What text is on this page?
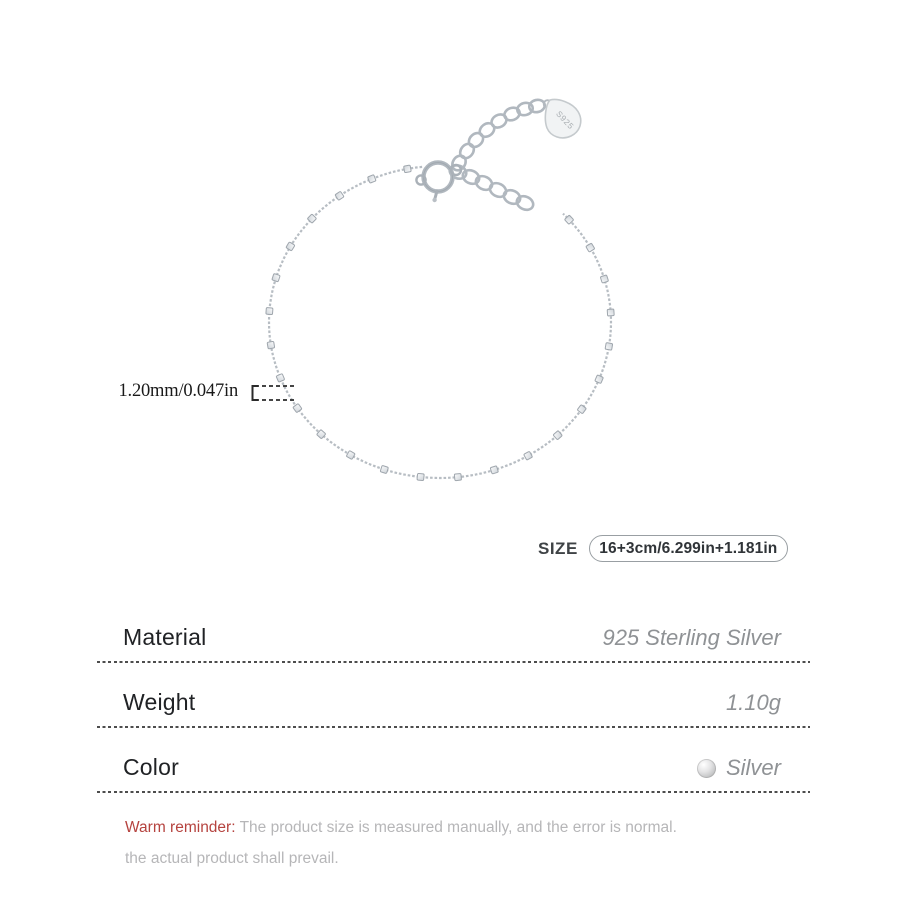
S925
1.20mm/0.047in
SIZE	16+3cm/6.299in+1.181in
Material	925 Sterling Silver
Weight	1.10g
Color	Silver

Warm reminder: The product size is measured manually, and the error is normal.

the actual product shall prevail.
